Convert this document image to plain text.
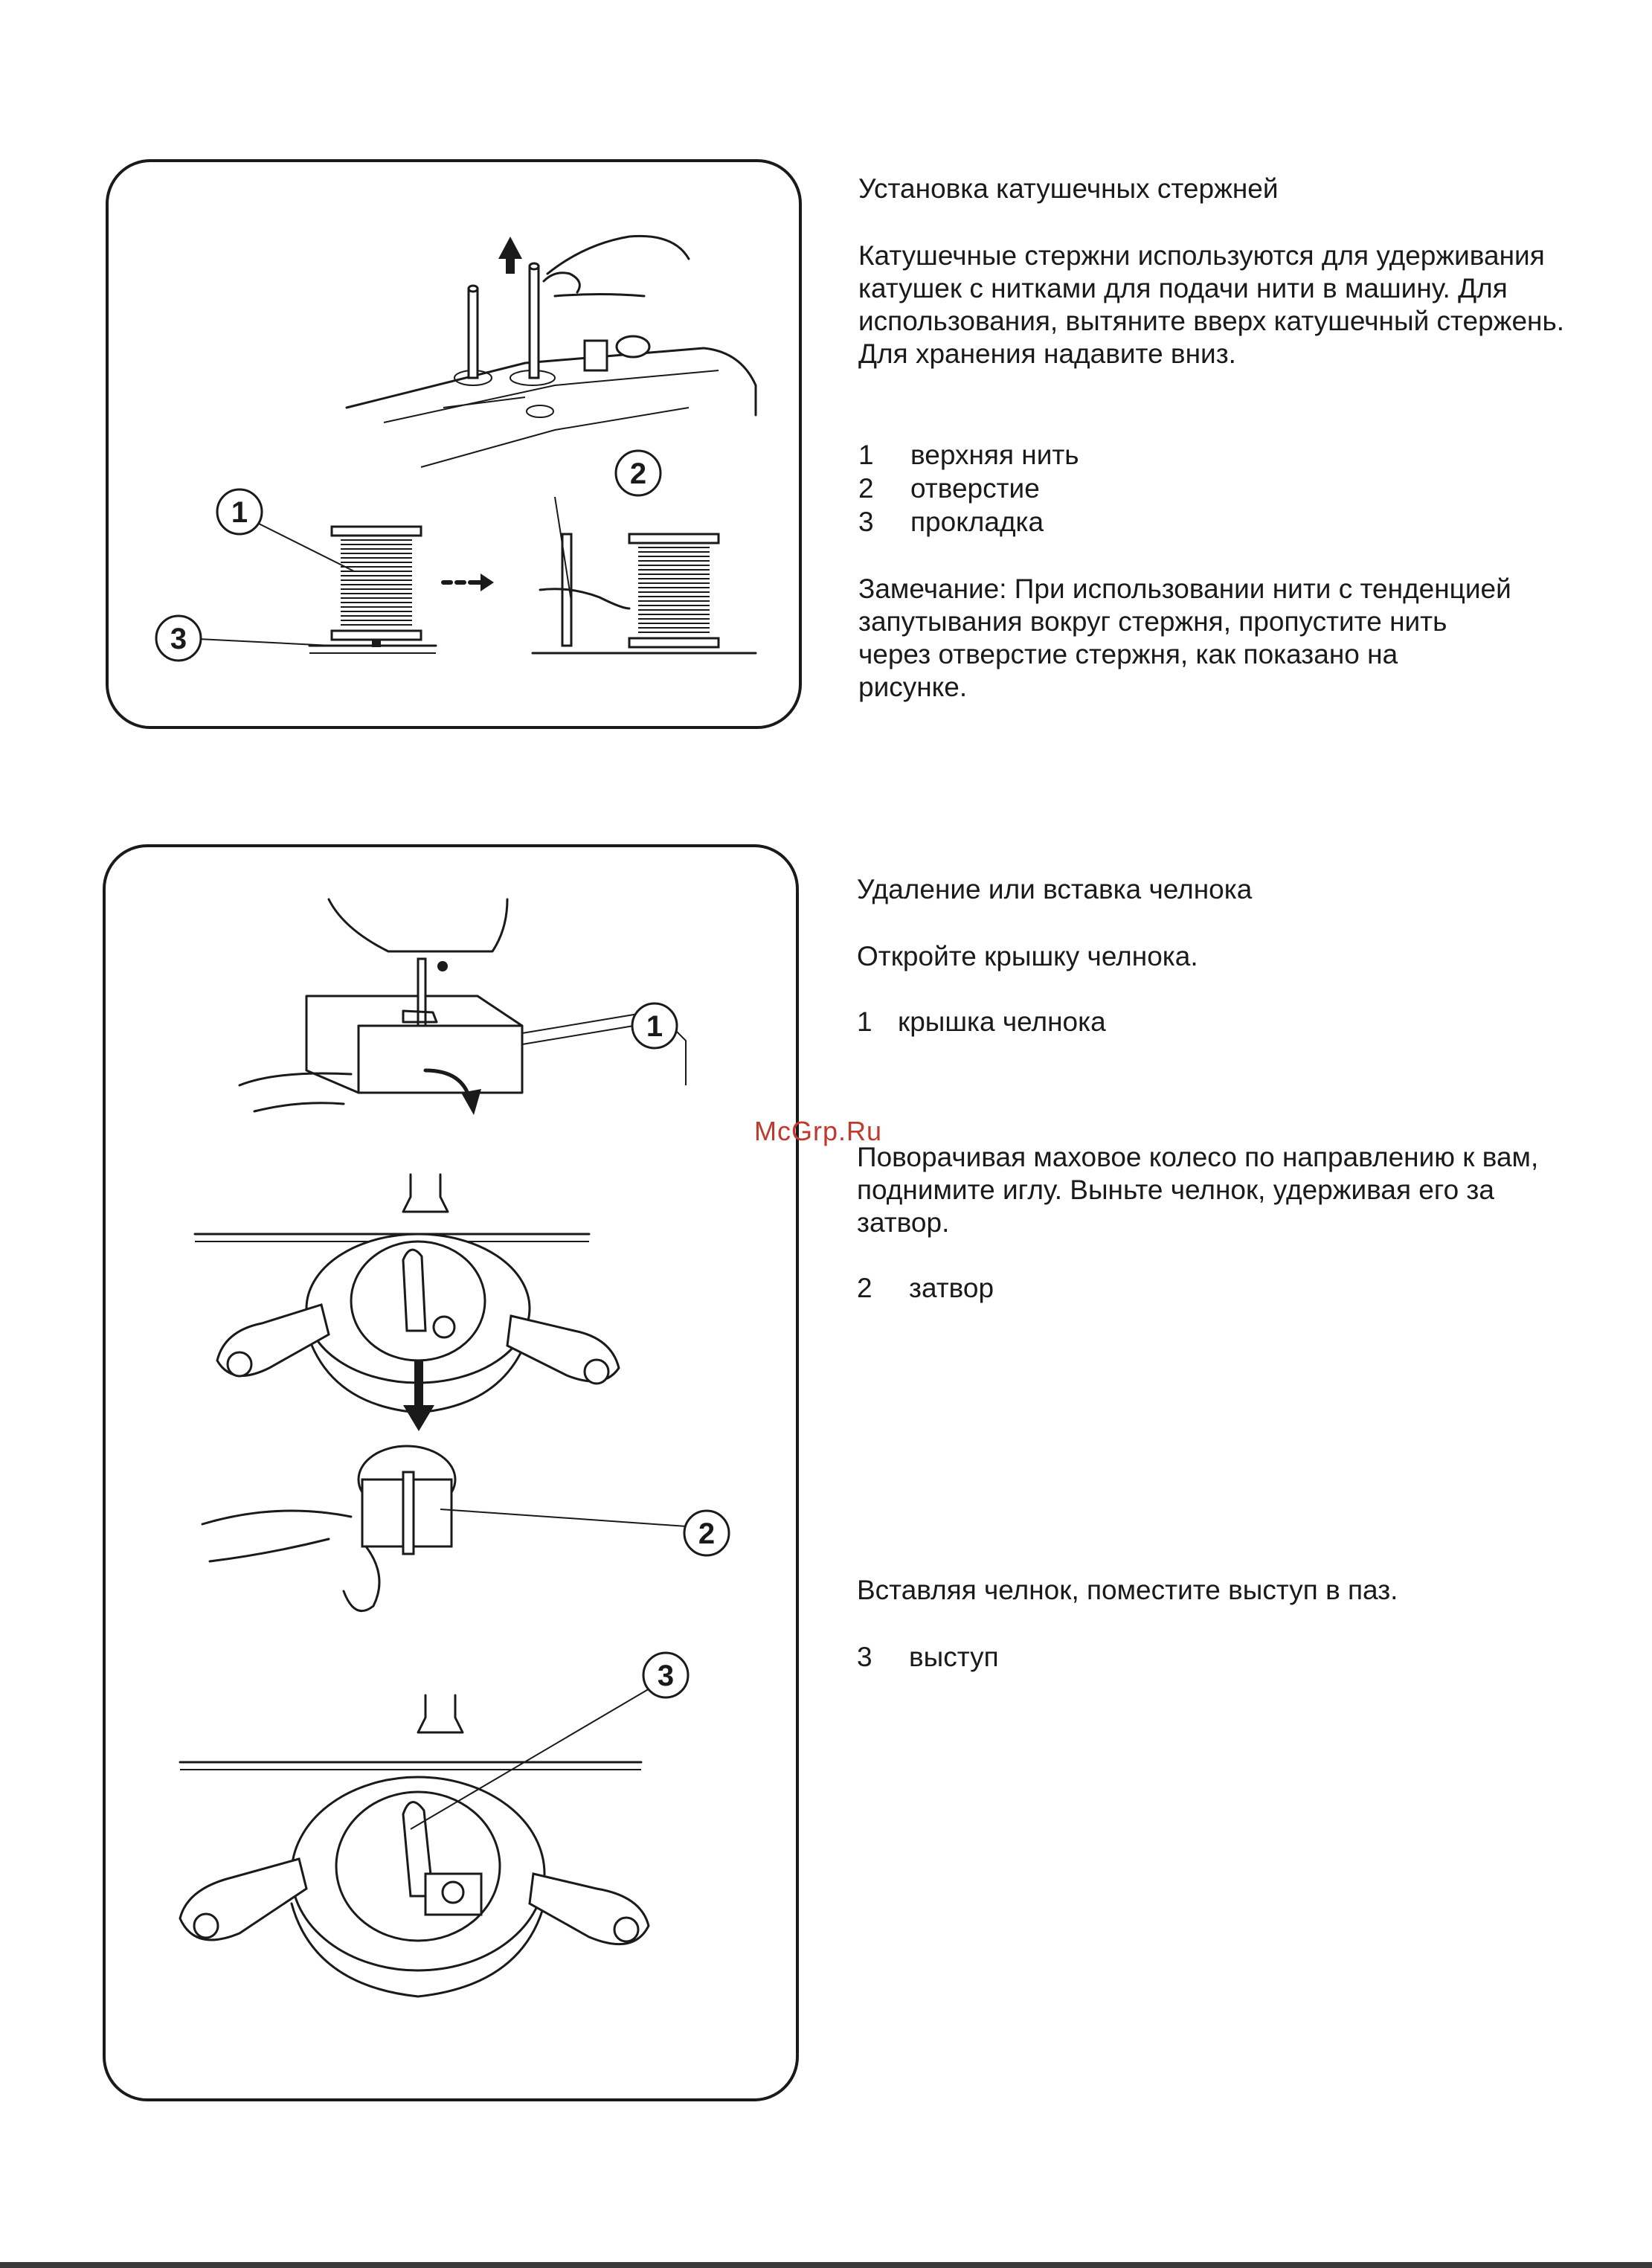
1
2
3
1
2
3
Установка катушечных стержней
Катушечные стержни используются для удерживания катушек с нитками для подачи нити в машину. Для использования, вытяните вверх катушечный стержень. Для хранения надавите вниз.
1 верхняя нить
2 отверстие
3 прокладка
Замечание: При использовании нити с тенденцией запутывания вокруг стержня, пропустите нить через отверстие стержня, как показано на рисунке.
Удаление или вставка челнока
Откройте крышку челнока.
1 крышка челнока
Поворачивая маховое колесо по направлению к вам, поднимите иглу. Выньте челнок, удерживая его за затвор.
2 затвор
Вставляя челнок, поместите выступ в паз.
3 выступ
McGrp.Ru
